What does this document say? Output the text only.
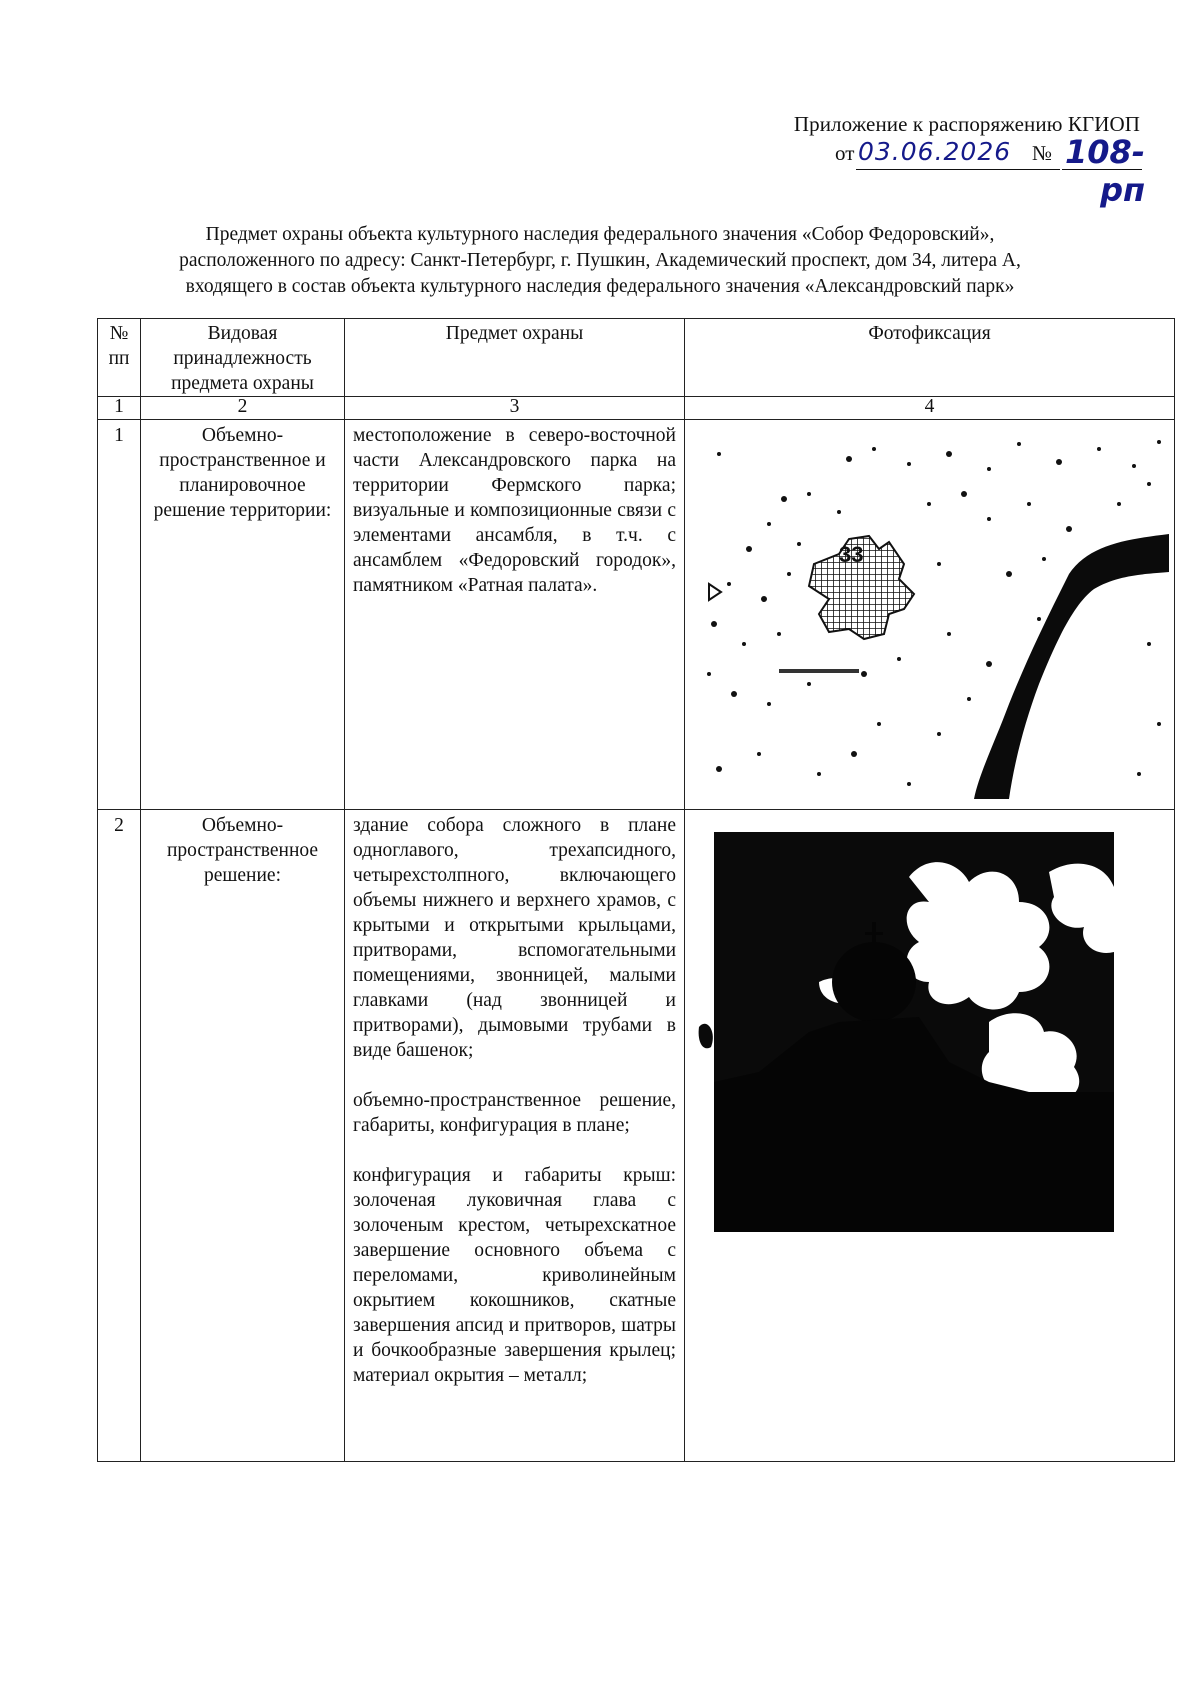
Приложение к распоряжению КГИОП
от 03.06.2026 № 108-рп
Предмет охраны объекта культурного наследия федерального значения «Собор Федоровский»,
расположенного по адресу: Санкт-Петербург, г. Пушкин, Академический проспект, дом 34, литера А,
входящего в состав объекта культурного наследия федерального значения «Александровский парк»
№ пп	Видовая принадлежность предмета охраны	Предмет охраны	Фотофиксация
1	2	3	4
1	Объемно-пространственное и планировочное решение территории:	местоположение в северо-восточной части Александровского парка на территории Фермского парка; визуальные и композиционные связи с элементами ансамбля, в т.ч. с ансамблем «Федоровский городок», памятником «Ратная палата».	33

2	Объемно-пространственное решение:	здание собора сложного в плане одноглавого, трехапсидного, четырехстолпного, включающего объемы нижнего и верхнего храмов, с крытыми и открытыми крыльцами, притворами, вспомогательными помещениями, звонницей, малыми главками (над звонницей и притворами), дымовыми трубами в виде башенок;

объемно-пространственное решение, габариты, конфигурация в плане;

конфигурация и габариты крыш: золоченая луковичная глава с золоченым крестом, четырехскатное завершение основного объема с переломами, криволинейным окрытием кокошников, скатные завершения апсид и притворов, шатры и бочкообразные завершения крылец; материал окрытия – металл;
